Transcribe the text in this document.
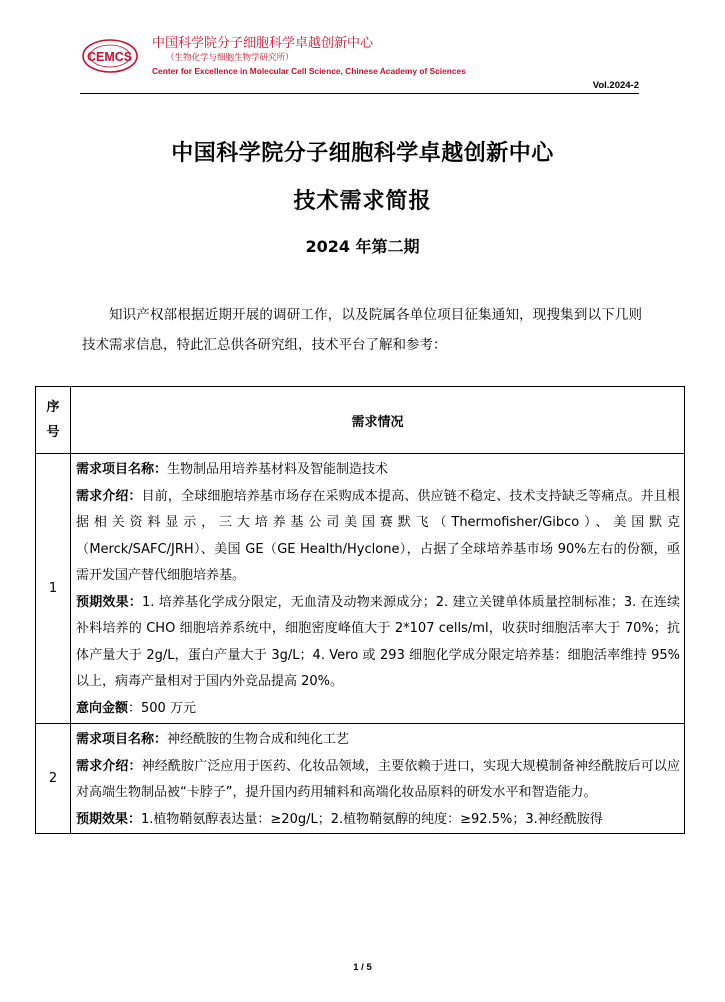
CEMCS
中国科学院分子细胞科学卓越创新中心
（生物化学与细胞生物学研究所）
Center for Excellence in Molecular Cell Science, Chinese Academy of Sciences
Vol.2024-2
中国科学院分子细胞科学卓越创新中心
技术需求简报
2024 年第二期
知识产权部根据近期开展的调研工作，以及院属各单位项目征集通知，现搜集到以下几则技术需求信息，特此汇总供各研究组，技术平台了解和参考：
序
号	需求情况
1	需求项目名称：生物制品用培养基材料及智能制造技术

需求介绍：目前，全球细胞培养基市场存在采购成本提高、供应链不稳定、技术支持缺乏等痛点。并且根据相关资料显示，三大培养基公司美国赛默飞（Thermofisher/Gibco）、美国默克（Merck/SAFC/JRH）、美国 GE（GE Health/Hyclone），占据了全球培养基市场 90%左右的份额，亟需开发国产替代细胞培养基。

预期效果：1. 培养基化学成分限定，无血清及动物来源成分；2. 建立关键单体质量控制标准；3. 在连续补料培养的 CHO 细胞培养系统中，细胞密度峰值大于 2*107 cells/ml，收获时细胞活率大于 70%；抗体产量大于 2g/L，蛋白产量大于 3g/L；4. Vero 或 293 细胞化学成分限定培养基：细胞活率维持 95%以上，病毒产量相对于国内外竞品提高 20%。

意向金额：500 万元

2	需求项目名称：神经酰胺的生物合成和纯化工艺

需求介绍：神经酰胺广泛应用于医药、化妆品领域，主要依赖于进口，实现大规模制备神经酰胺后可以应对高端生物制品被“卡脖子”，提升国内药用辅料和高端化妆品原料的研发水平和智造能力。

预期效果：1.植物鞘氨醇表达量：≥20g/L；2.植物鞘氨醇的纯度：≥92.5%；3.神经酰胺得

1 / 5
